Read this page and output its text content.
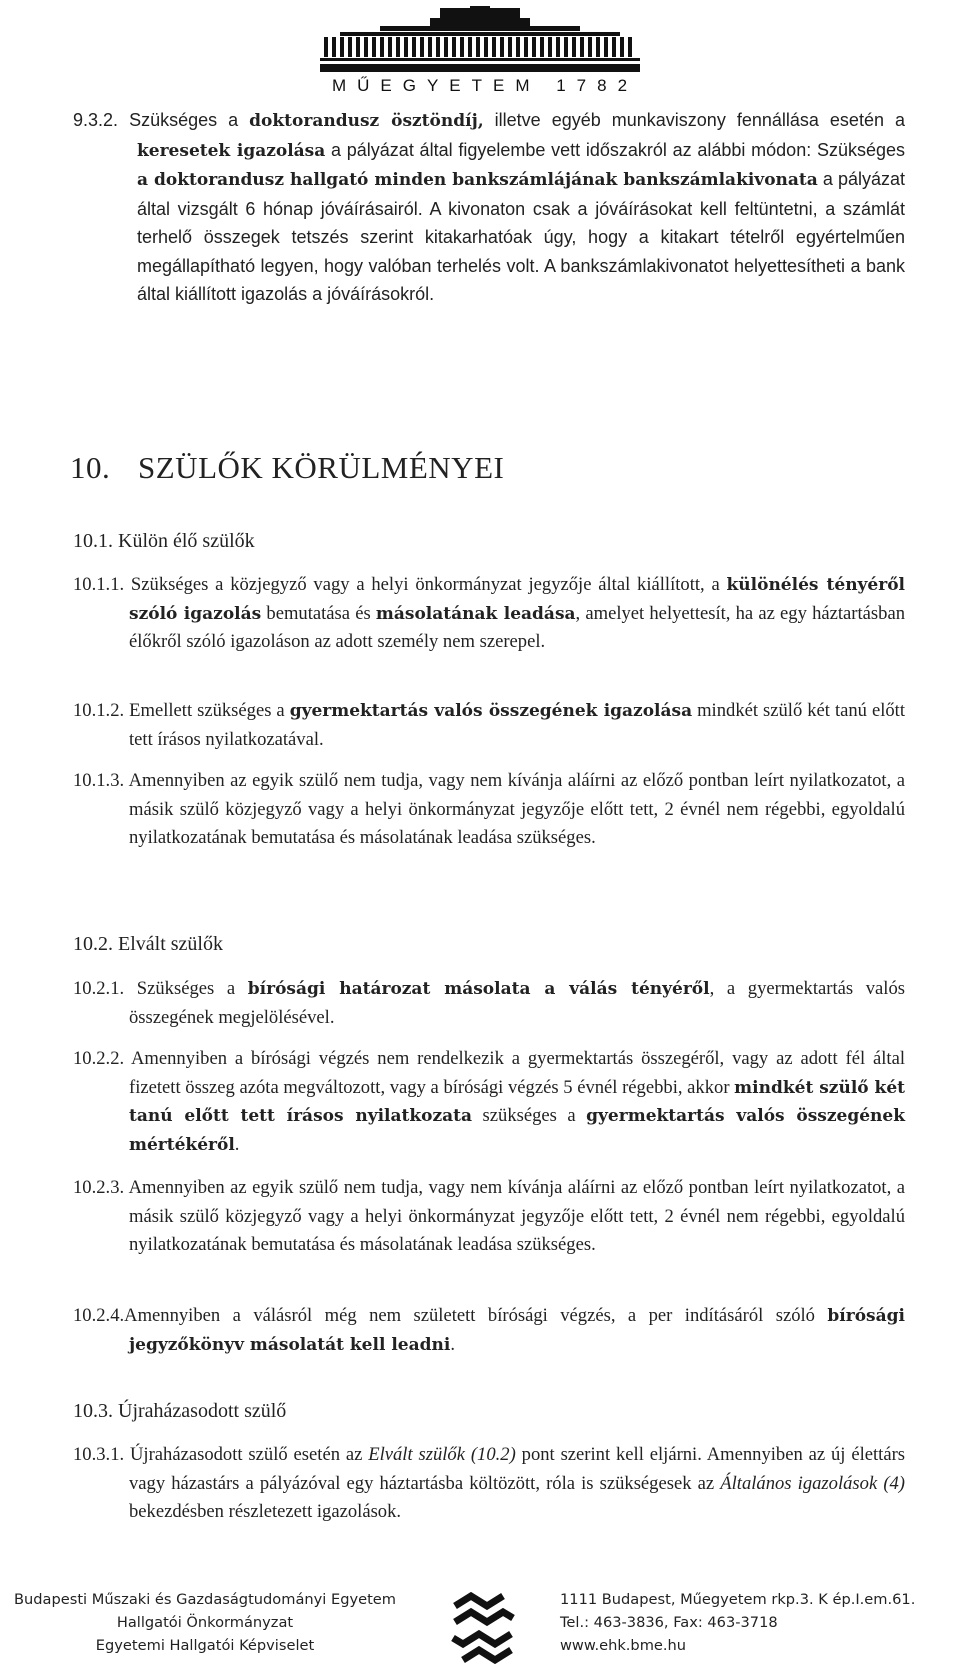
MŰEGYETEM 1782

9.3.2. Szükséges a doktorandusz ösztöndíj, illetve egyéb munkaviszony fennállása esetén a keresetek igazolása a pályázat által figyelembe vett időszakról az alábbi módon: Szükséges a doktorandusz hallgató minden bankszámlájának bankszámlakivonata a pályázat által vizsgált 6 hónap jóváírásairól. A kivonaton csak a jóváírásokat kell feltüntetni, a számlát terhelő összegek tetszés szerint kitakarhatóak úgy, hogy a kitakart tételről egyértelműen megállapítható legyen, hogy valóban terhelés volt. A bankszámlakivonatot helyettesítheti a bank által kiállított igazolás a jóváírásokról.

10. SZÜLŐK KÖRÜLMÉNYEI
10.1. Külön élő szülők

10.1.1. Szükséges a közjegyző vagy a helyi önkormányzat jegyzője által kiállított, a különélés tényéről szóló igazolás bemutatása és másolatának leadása, amelyet helyettesít, ha az egy háztartásban élőkről szóló igazoláson az adott személy nem szerepel.

10.1.2. Emellett szükséges a gyermektartás valós összegének igazolása mindkét szülő két tanú előtt tett írásos nyilatkozatával.

10.1.3. Amennyiben az egyik szülő nem tudja, vagy nem kívánja aláírni az előző pontban leírt nyilatkozatot, a másik szülő közjegyző vagy a helyi önkormányzat jegyzője előtt tett, 2 évnél nem régebbi, egyoldalú nyilatkozatának bemutatása és másolatának leadása szükséges.

10.2. Elvált szülők

10.2.1. Szükséges a bírósági határozat másolata a válás tényéről, a gyermektartás valós összegének megjelölésével.

10.2.2. Amennyiben a bírósági végzés nem rendelkezik a gyermektartás összegéről, vagy az adott fél által fizetett összeg azóta megváltozott, vagy a bírósági végzés 5 évnél régebbi, akkor mindkét szülő két tanú előtt tett írásos nyilatkozata szükséges a gyermektartás valós összegének mértékéről.

10.2.3. Amennyiben az egyik szülő nem tudja, vagy nem kívánja aláírni az előző pontban leírt nyilatkozatot, a másik szülő közjegyző vagy a helyi önkormányzat jegyzője előtt tett, 2 évnél nem régebbi, egyoldalú nyilatkozatának bemutatása és másolatának leadása szükséges.

10.2.4.Amennyiben a válásról még nem született bírósági végzés, a per indításáról szóló bírósági jegyzőkönyv másolatát kell leadni.

10.3. Újraházasodott szülő

10.3.1. Újraházasodott szülő esetén az Elvált szülők (10.2) pont szerint kell eljárni. Amennyiben az új élettárs vagy házastárs a pályázóval egy háztartásba költözött, róla is szükségesek az Általános igazolások (4) bekezdésben részletezett igazolások.

Budapesti Műszaki és Gazdaságtudományi Egyetem
Hallgatói Önkormányzat
Egyetemi Hallgatói Képviselet
1111 Budapest, Műegyetem rkp.3. K ép.I.em.61.
Tel.: 463-3836, Fax: 463-3718
www.ehk.bme.hu
